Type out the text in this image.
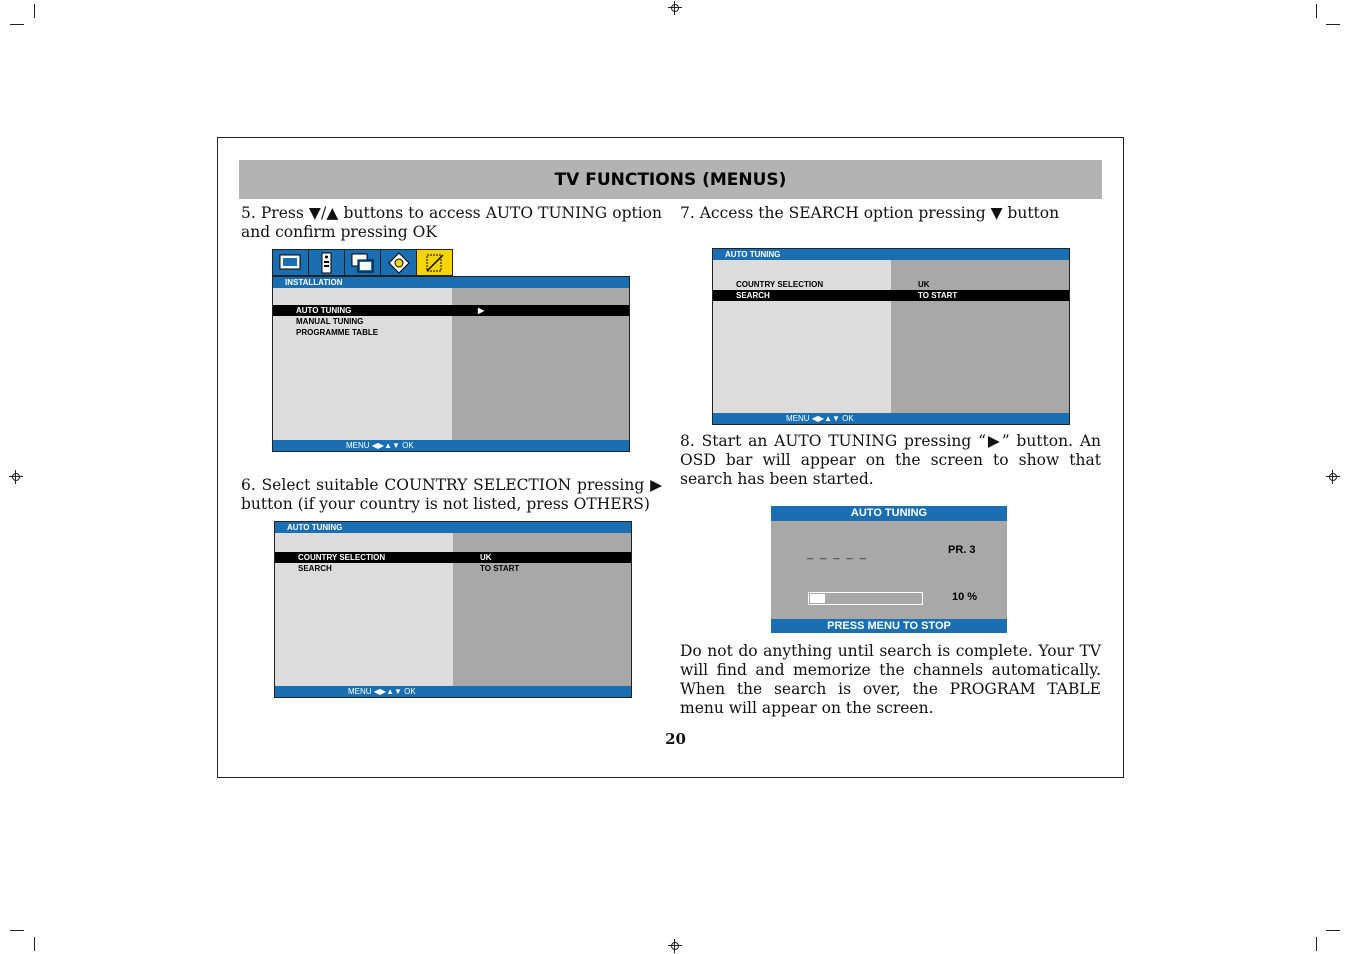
TV FUNCTIONS (MENUS)
5. Press ▼/▲ buttons to access AUTO TUNING option and confirm pressing OK
INSTALLATION
AUTO TUNING	▶
MANUAL TUNING
PROGRAMME TABLE
MENU ◀▶▲▼ OK
6. Select suitable COUNTRY SELECTION pressing ▶ button (if your country is not listed, press OTHERS)
AUTO TUNING
COUNTRY SELECTION	UK
SEARCH	TO START
MENU ◀▶▲▼ OK
7. Access the SEARCH option pressing ▼ button
AUTO TUNING
COUNTRY SELECTION	UK
SEARCH	TO START
MENU ◀▶▲▼ OK
8. Start an AUTO TUNING pressing “▶” button. An OSD bar will appear on the screen to show that search has been started.
AUTO TUNING
_ _ _ _ _	PR. 3
10 %
PRESS MENU TO STOP
Do not do anything until search is complete. Your TV will find and memorize the channels automatically. When the search is over, the PROGRAM TABLE menu will appear on the screen.
20
